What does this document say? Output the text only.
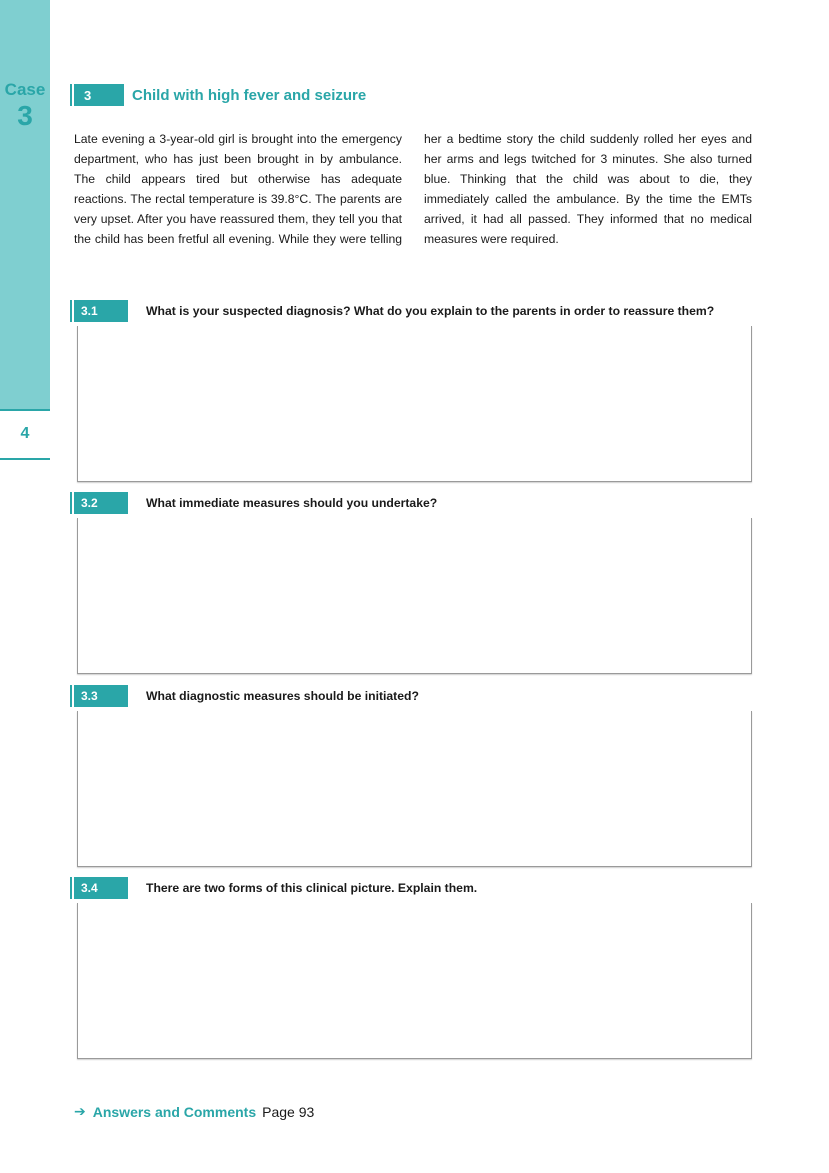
Case
3
4
3	Child with high fever and seizure

Late evening a 3-year-old girl is brought into the emergency department, who has just been brought in by ambulance. The child appears tired but otherwise has adequate reactions. The rectal temperature is 39.8°C. The parents are very upset. After you have reassured them, they tell you that the child has been fretful all evening. While they were telling her a bedtime story the child suddenly rolled her eyes and her arms and legs twitched for 3 minutes. She also turned blue. Thinking that the child was about to die, they immediately called the ambulance. By the time the EMTs arrived, it had all passed. They informed that no medical measures were required.

3.1	What is your suspected diagnosis? What do you explain to the parents in order to reassure them?
3.2	What immediate measures should you undertake?
3.3	What diagnostic measures should be initiated?
3.4	There are two forms of this clinical picture. Explain them.
➔ Answers and Comments Page 93
